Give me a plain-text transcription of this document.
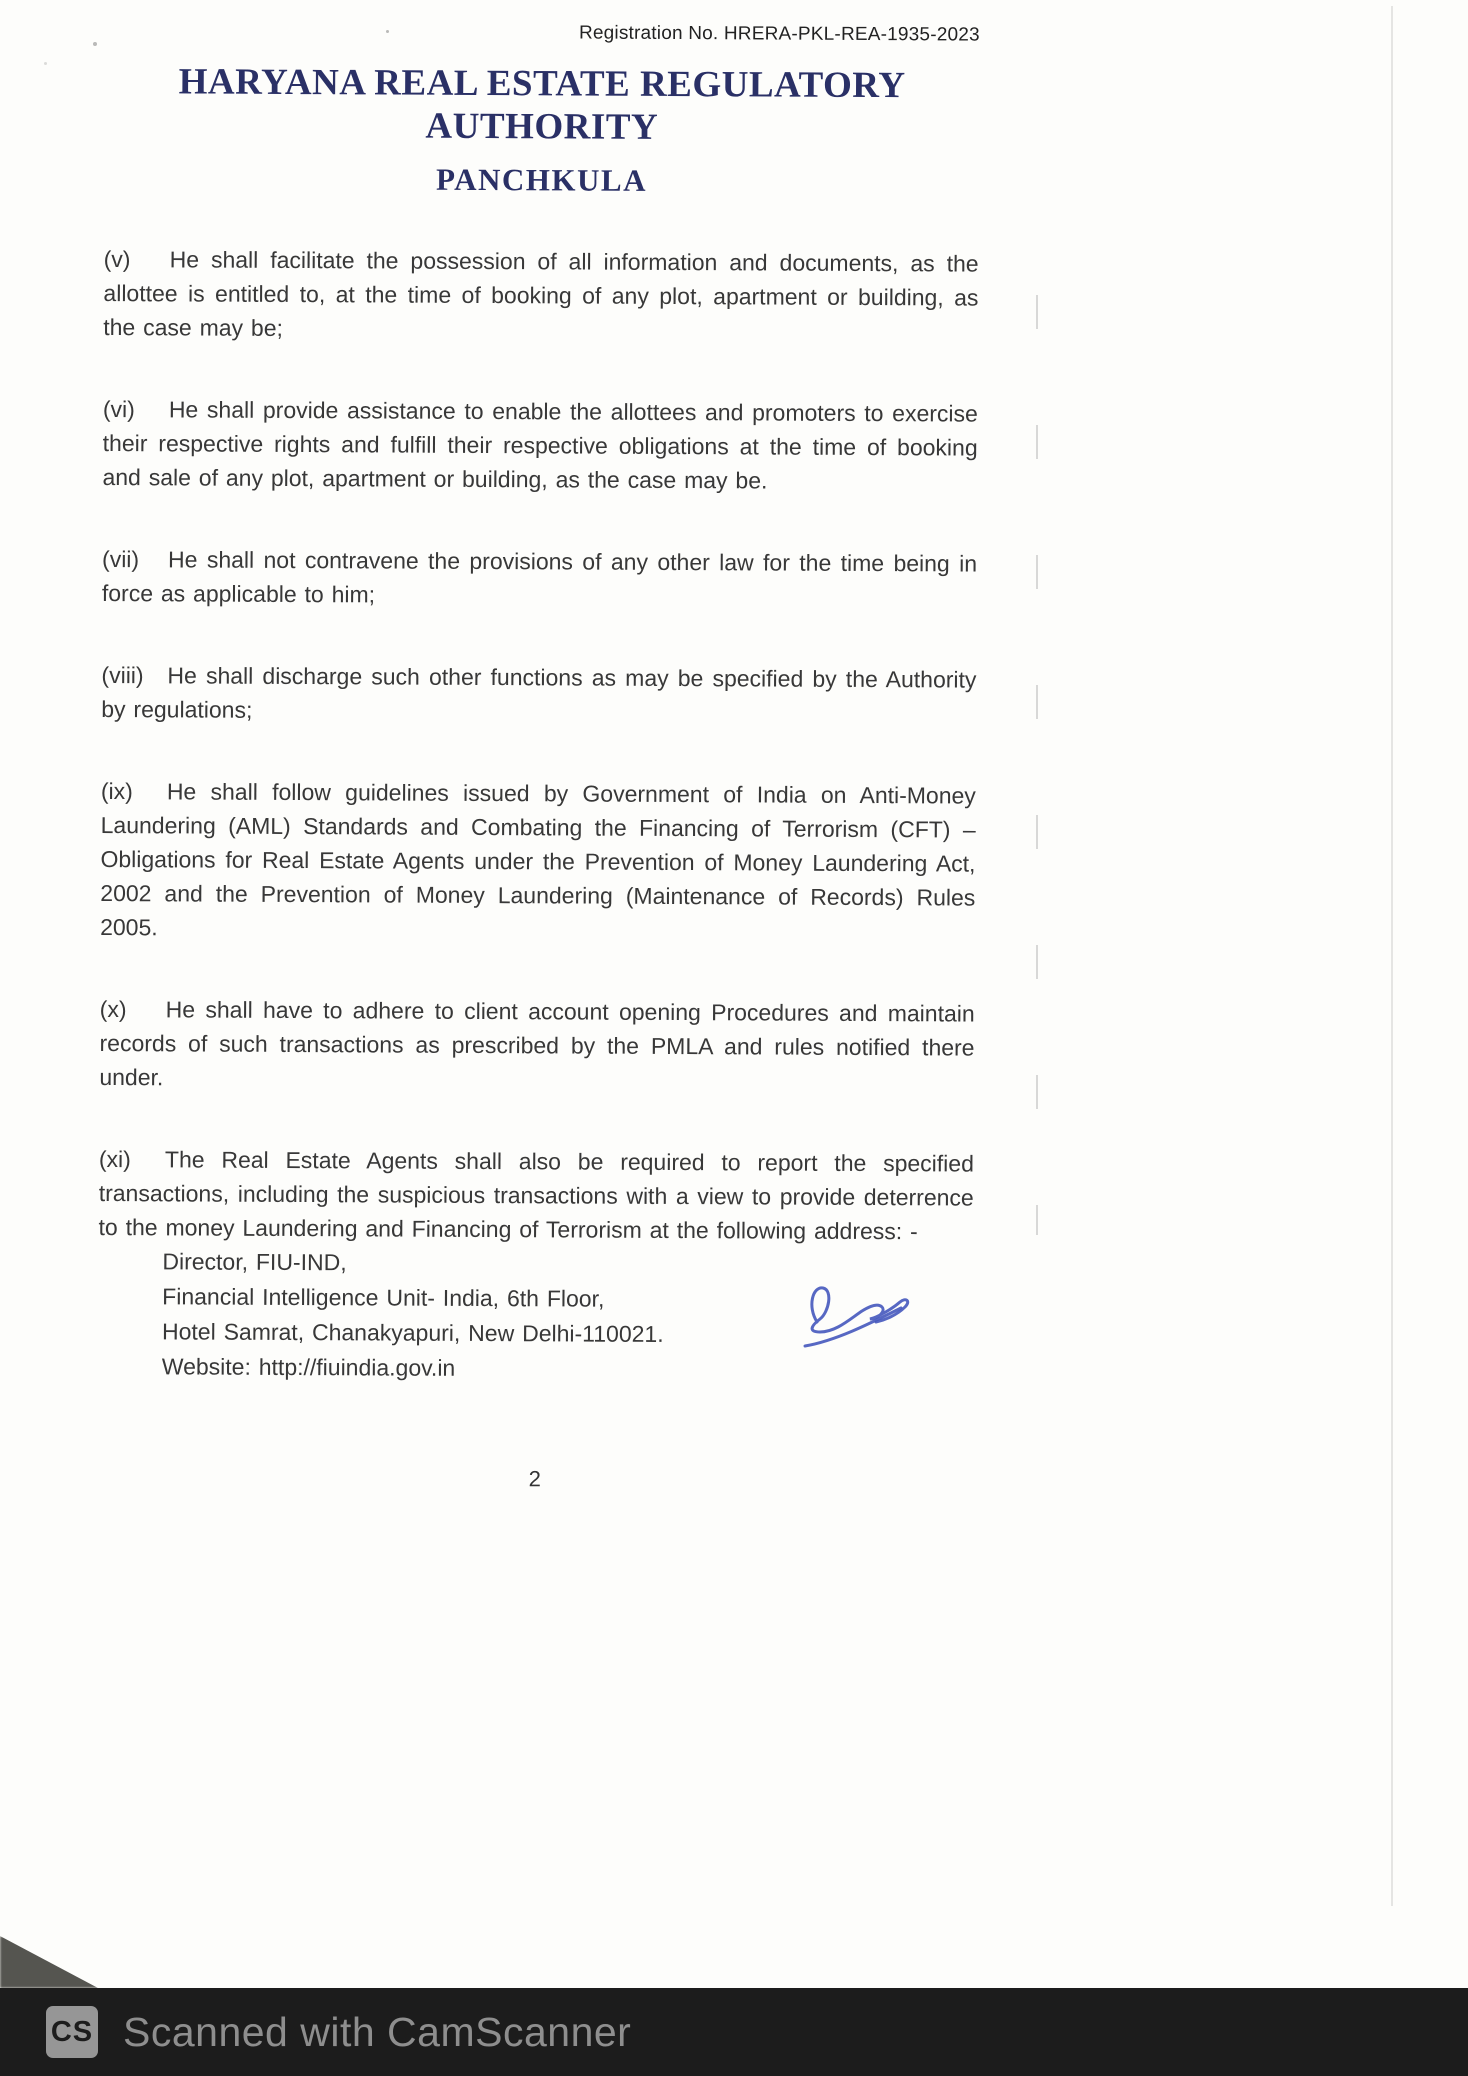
Registration No. HRERA-PKL-REA-1935-2023
HARYANA REAL ESTATE REGULATORY AUTHORITY
PANCHKULA
(v) He shall facilitate the possession of all information and documents, as the allottee is entitled to, at the time of booking of any plot, apartment or building, as the case may be;
(vi) He shall provide assistance to enable the allottees and promoters to exercise their respective rights and fulfill their respective obligations at the time of booking and sale of any plot, apartment or building, as the case may be.
(vii) He shall not contravene the provisions of any other law for the time being in force as applicable to him;
(viii) He shall discharge such other functions as may be specified by the Authority by regulations;
(ix) He shall follow guidelines issued by Government of India on Anti-Money Laundering (AML) Standards and Combating the Financing of Terrorism (CFT) – Obligations for Real Estate Agents under the Prevention of Money Laundering Act, 2002 and the Prevention of Money Laundering (Maintenance of Records) Rules 2005.
(x) He shall have to adhere to client account opening Procedures and maintain records of such transactions as prescribed by the PMLA and rules notified there under.
(xi) The Real Estate Agents shall also be required to report the specified transactions, including the suspicious transactions with a view to provide deterrence to the money Laundering and Financing of Terrorism at the following address: -
Director, FIU-IND,
Financial Intelligence Unit- India, 6th Floor,
Hotel Samrat, Chanakyapuri, New Delhi-110021.
Website: http://fiuindia.gov.in
2
CS Scanned with CamScanner
